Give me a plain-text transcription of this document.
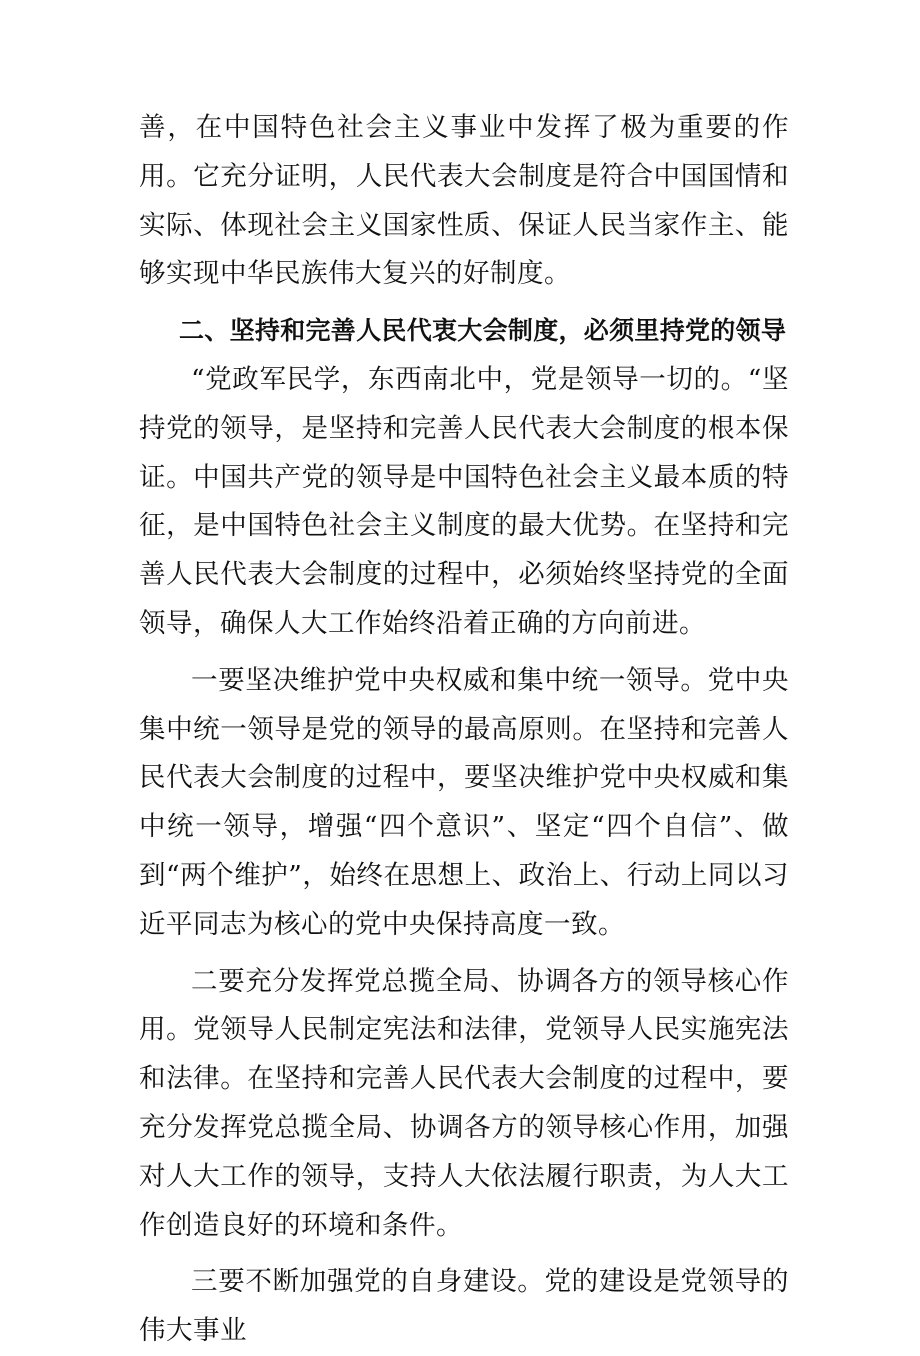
善，在中国特色社会主义事业中发挥了极为重要的作用。它充分证明，人民代表大会制度是符合中国国情和实际、体现社会主义国家性质、保证人民当家作主、能够实现中华民族伟大复兴的好制度。

二、坚持和完善人民代衷大会制度，必须里持党的领导

“党政军民学，东西南北中，党是领导一切的。“坚持党的领导，是坚持和完善人民代表大会制度的根本保证。中国共产党的领导是中国特色社会主义最本质的特征，是中国特色社会主义制度的最大优势。在坚持和完善人民代表大会制度的过程中，必须始终坚持党的全面领导，确保人大工作始终沿着正确的方向前进。

一要坚决维护党中央权威和集中统一领导。党中央集中统一领导是党的领导的最高原则。在坚持和完善人民代表大会制度的过程中，要坚决维护党中央权威和集中统一领导，增强“四个意识”、坚定“四个自信”、做到“两个维护”，始终在思想上、政治上、行动上同以习近平同志为核心的党中央保持高度一致。

二要充分发挥党总揽全局、协调各方的领导核心作用。党领导人民制定宪法和法律，党领导人民实施宪法和法律。在坚持和完善人民代表大会制度的过程中，要充分发挥党总揽全局、协调各方的领导核心作用，加强对人大工作的领导，支持人大依法履行职责，为人大工作创造良好的环境和条件。

三要不断加强党的自身建设。党的建设是党领导的伟大事业
